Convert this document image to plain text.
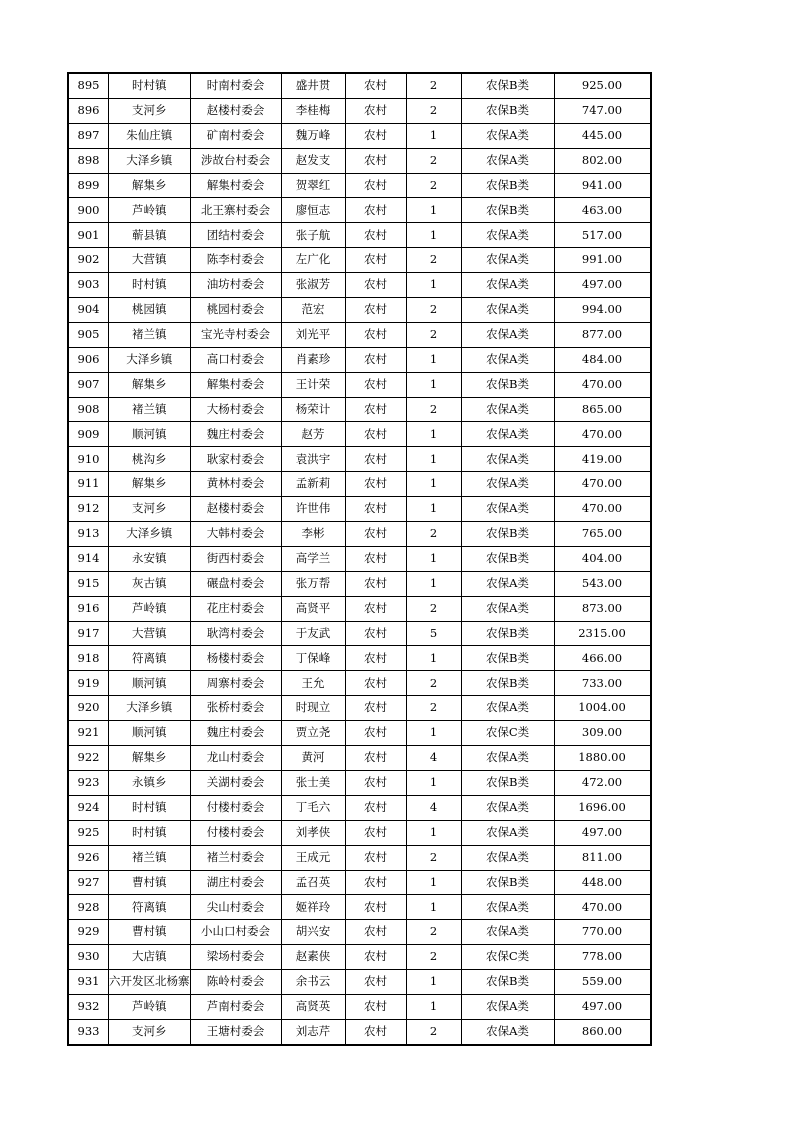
895	时村镇	时南村委会	盛井贯	农村	2	农保B类	925.00
896	支河乡	赵楼村委会	李桂梅	农村	2	农保B类	747.00
897	朱仙庄镇	矿南村委会	魏万峰	农村	1	农保A类	445.00
898	大泽乡镇	涉故台村委会	赵发支	农村	2	农保A类	802.00
899	解集乡	解集村委会	贺翠红	农村	2	农保B类	941.00
900	芦岭镇	北王寨村委会	廖恒志	农村	1	农保B类	463.00
901	蕲县镇	团结村委会	张子航	农村	1	农保A类	517.00
902	大营镇	陈李村委会	左广化	农村	2	农保A类	991.00
903	时村镇	油坊村委会	张淑芳	农村	1	农保A类	497.00
904	桃园镇	桃园村委会	范宏	农村	2	农保A类	994.00
905	褚兰镇	宝光寺村委会	刘光平	农村	2	农保A类	877.00
906	大泽乡镇	高口村委会	肖素珍	农村	1	农保A类	484.00
907	解集乡	解集村委会	王计荣	农村	1	农保B类	470.00
908	褚兰镇	大杨村委会	杨荣计	农村	2	农保A类	865.00
909	顺河镇	魏庄村委会	赵芳	农村	1	农保A类	470.00
910	桃沟乡	耿家村委会	袁洪宇	农村	1	农保A类	419.00
911	解集乡	黄林村委会	孟新莉	农村	1	农保A类	470.00
912	支河乡	赵楼村委会	许世伟	农村	1	农保A类	470.00
913	大泽乡镇	大韩村委会	李彬	农村	2	农保B类	765.00
914	永安镇	街西村委会	高学兰	农村	1	农保B类	404.00
915	灰古镇	碾盘村委会	张万帮	农村	1	农保A类	543.00
916	芦岭镇	花庄村委会	高贤平	农村	2	农保A类	873.00
917	大营镇	耿湾村委会	于友武	农村	5	农保B类	2315.00
918	符离镇	杨楼村委会	丁保峰	农村	1	农保B类	466.00
919	顺河镇	周寨村委会	王允	农村	2	农保B类	733.00
920	大泽乡镇	张桥村委会	时现立	农村	2	农保A类	1004.00
921	顺河镇	魏庄村委会	贾立尧	农村	1	农保C类	309.00
922	解集乡	龙山村委会	黄河	农村	4	农保A类	1880.00
923	永镇乡	关湖村委会	张士美	农村	1	农保B类	472.00
924	时村镇	付楼村委会	丁毛六	农村	4	农保A类	1696.00
925	时村镇	付楼村委会	刘孝侠	农村	1	农保A类	497.00
926	褚兰镇	褚兰村委会	王成元	农村	2	农保A类	811.00
927	曹村镇	湖庄村委会	孟召英	农村	1	农保B类	448.00
928	符离镇	尖山村委会	姬祥玲	农村	1	农保A类	470.00
929	曹村镇	小山口村委会	胡兴安	农村	2	农保A类	770.00
930	大店镇	梁场村委会	赵素侠	农村	2	农保C类	778.00
931	六开发区北杨寨	陈岭村委会	余书云	农村	1	农保B类	559.00
932	芦岭镇	芦南村委会	高贤英	农村	1	农保A类	497.00
933	支河乡	王塘村委会	刘志芹	农村	2	农保A类	860.00
